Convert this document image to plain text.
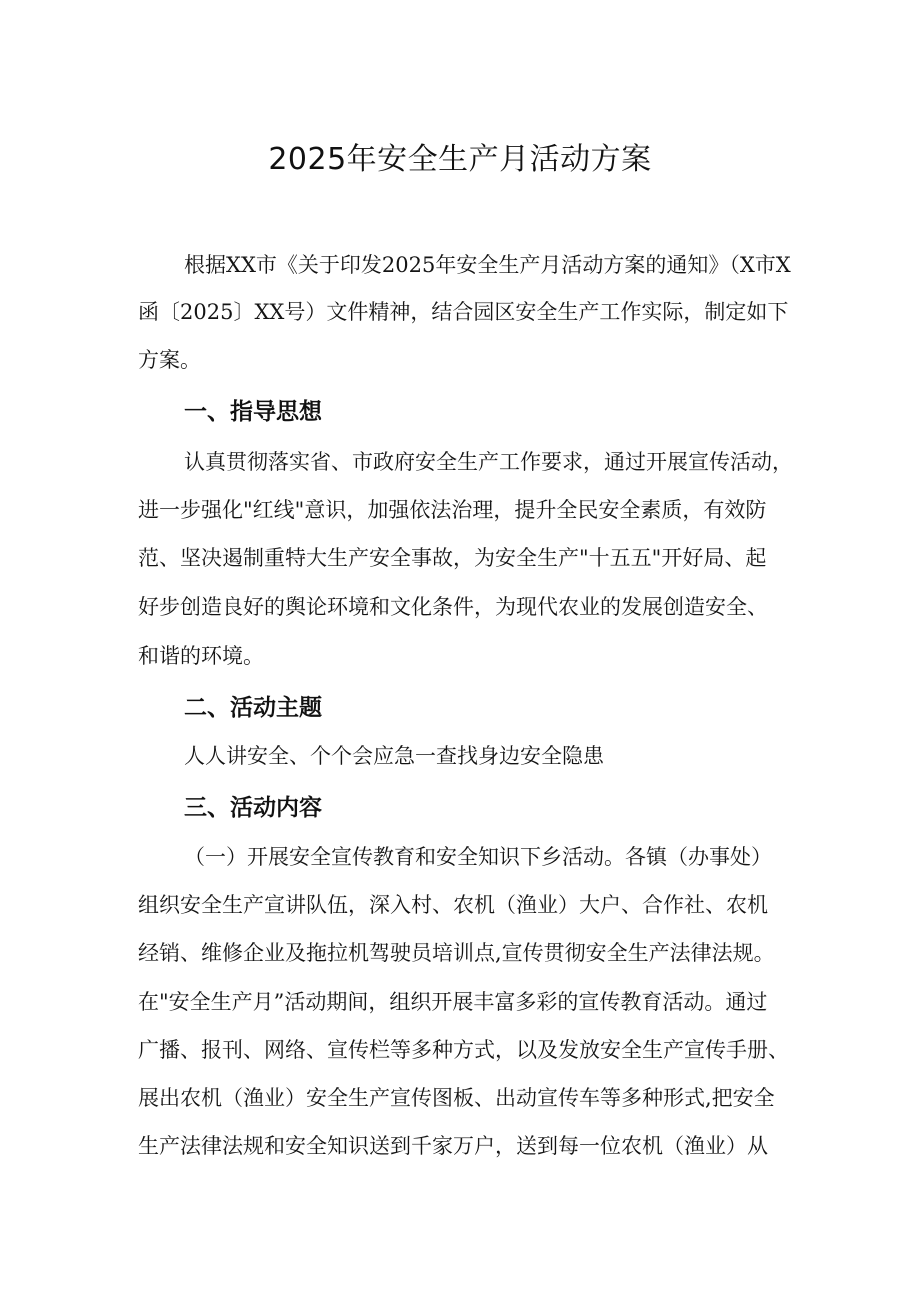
2025年安全生产月活动方案

根据XX市《关于印发2025年安全生产月活动方案的通知》（X市X

函〔2025〕XX号）文件精神，结合园区安全生产工作实际，制定如下

方案。

一、指导思想

认真贯彻落实省、市政府安全生产工作要求，通过开展宣传活动，

进一步强化"红线"意识，加强依法治理，提升全民安全素质，有效防

范、坚决遏制重特大生产安全事故，为安全生产"十五五"开好局、起

好步创造良好的舆论环境和文化条件，为现代农业的发展创造安全、

和谐的环境。

二、活动主题

人人讲安全、个个会应急一查找身边安全隐患

三、活动内容

（一）开展安全宣传教育和安全知识下乡活动。各镇（办事处）

组织安全生产宣讲队伍，深入村、农机（渔业）大户、合作社、农机

经销、维修企业及拖拉机驾驶员培训点,宣传贯彻安全生产法律法规。

在"安全生产月”活动期间，组织开展丰富多彩的宣传教育活动。通过

广播、报刊、网络、宣传栏等多种方式，以及发放安全生产宣传手册、

展出农机（渔业）安全生产宣传图板、出动宣传车等多种形式,把安全

生产法律法规和安全知识送到千家万户，送到每一位农机（渔业）从
